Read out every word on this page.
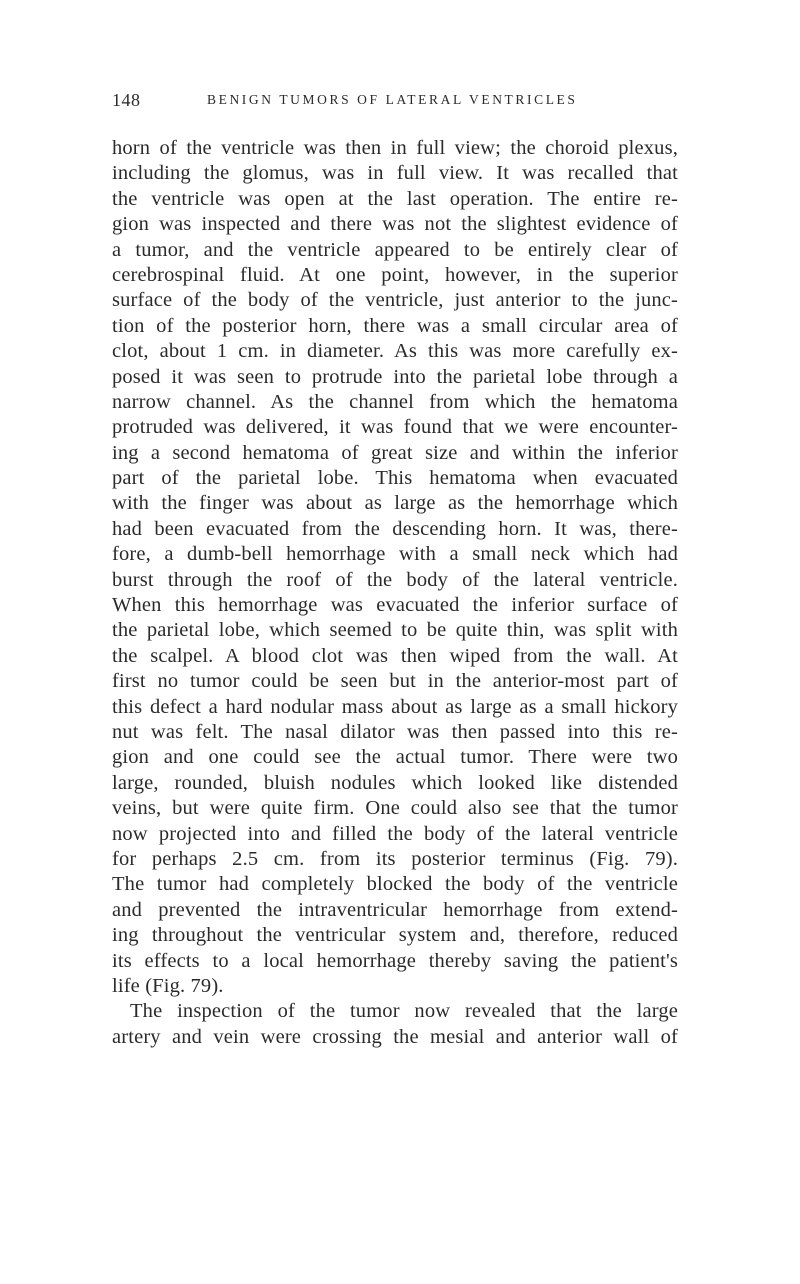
148	BENIGN TUMORS OF LATERAL VENTRICLES
horn of the ventricle was then in full view; the choroid plexus,
including the glomus, was in full view. It was recalled that
the ventricle was open at the last operation. The entire re-
gion was inspected and there was not the slightest evidence of
a tumor, and the ventricle appeared to be entirely clear of
cerebrospinal fluid. At one point, however, in the superior
surface of the body of the ventricle, just anterior to the junc-
tion of the posterior horn, there was a small circular area of
clot, about 1 cm. in diameter. As this was more carefully ex-
posed it was seen to protrude into the parietal lobe through a
narrow channel. As the channel from which the hematoma
protruded was delivered, it was found that we were encounter-
ing a second hematoma of great size and within the inferior
part of the parietal lobe. This hematoma when evacuated
with the finger was about as large as the hemorrhage which
had been evacuated from the descending horn. It was, there-
fore, a dumb-bell hemorrhage with a small neck which had
burst through the roof of the body of the lateral ventricle.
When this hemorrhage was evacuated the inferior surface of
the parietal lobe, which seemed to be quite thin, was split with
the scalpel. A blood clot was then wiped from the wall. At
first no tumor could be seen but in the anterior-most part of
this defect a hard nodular mass about as large as a small hickory
nut was felt. The nasal dilator was then passed into this re-
gion and one could see the actual tumor. There were two
large, rounded, bluish nodules which looked like distended
veins, but were quite firm. One could also see that the tumor
now projected into and filled the body of the lateral ventricle
for perhaps 2.5 cm. from its posterior terminus (Fig. 79).
The tumor had completely blocked the body of the ventricle
and prevented the intraventricular hemorrhage from extend-
ing throughout the ventricular system and, therefore, reduced
its effects to a local hemorrhage thereby saving the patient's
life (Fig. 79).
The inspection of the tumor now revealed that the large
artery and vein were crossing the mesial and anterior wall of
